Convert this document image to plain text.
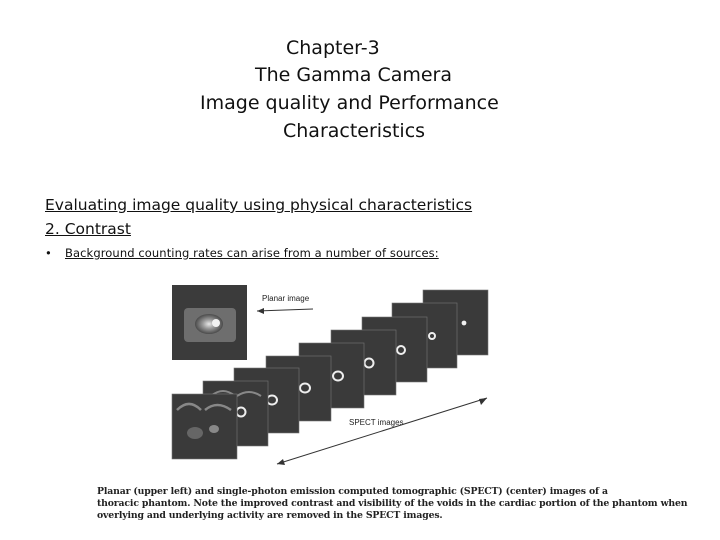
Chapter-3
The Gamma Camera
Image quality and Performance
Characteristics
Evaluating image quality using physical characteristics
2. Contrast
• Background counting rates can arise from a number of sources:
Planar image
SPECT images
Planar (upper left) and single-photon emission computed tomographic (SPECT) (center) images of a
thoracic phantom. Note the improved contrast and visibility of the voids in the cardiac portion of the phantom when
overlying and underlying activity are removed in the SPECT images.
